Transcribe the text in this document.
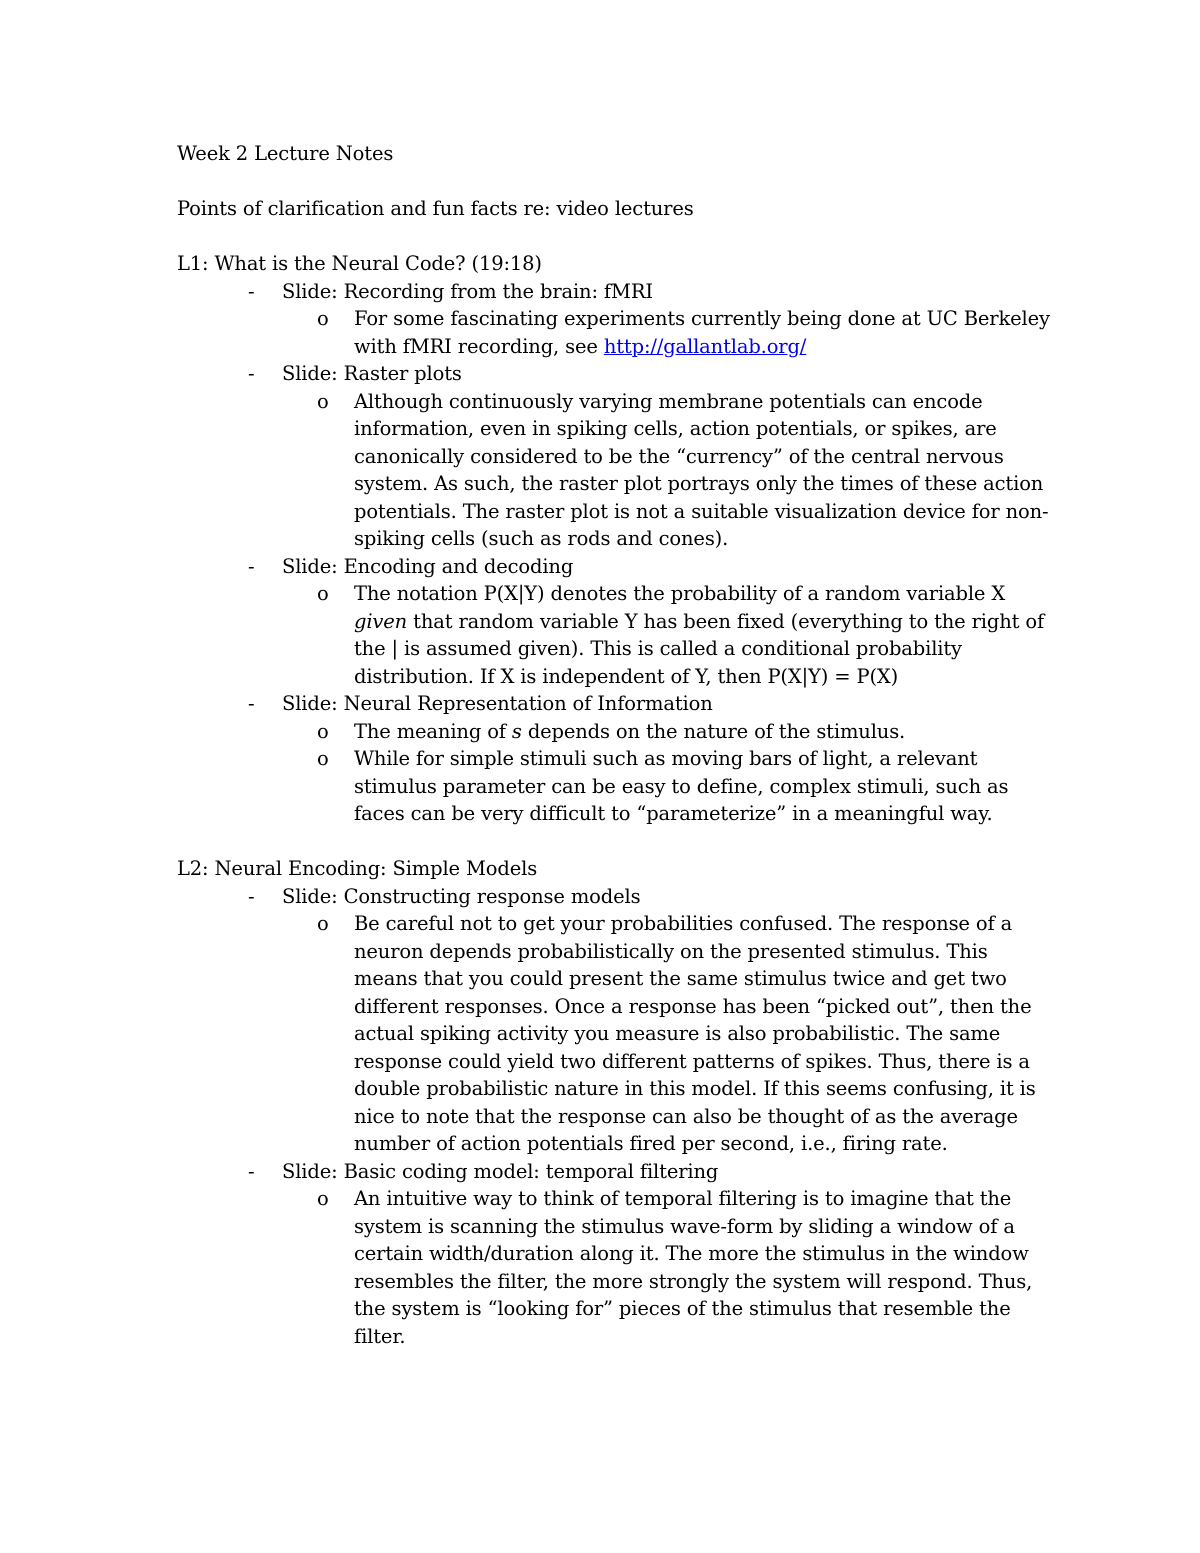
Week 2 Lecture Notes

Points of clarification and fun facts re: video lectures

L1: What is the Neural Code? (19:18)

- Slide: Recording from the brain: fMRI
o For some fascinating experiments currently being done at UC Berkeley with fMRI recording, see http://gallantlab.org/
- Slide: Raster plots
o Although continuously varying membrane potentials can encode information, even in spiking cells, action potentials, or spikes, are canonically considered to be the “currency” of the central nervous system. As such, the raster plot portrays only the times of these action potentials. The raster plot is not a suitable visualization device for non-spiking cells (such as rods and cones).
- Slide: Encoding and decoding
o The notation P(X|Y) denotes the probability of a random variable X given that random variable Y has been fixed (everything to the right of the | is assumed given). This is called a conditional probability distribution. If X is independent of Y, then P(X|Y) = P(X)
- Slide: Neural Representation of Information
o The meaning of s depends on the nature of the stimulus.
o While for simple stimuli such as moving bars of light, a relevant stimulus parameter can be easy to define, complex stimuli, such as faces can be very difficult to “parameterize” in a meaningful way.

L2: Neural Encoding: Simple Models

- Slide: Constructing response models
o Be careful not to get your probabilities confused. The response of a neuron depends probabilistically on the presented stimulus. This means that you could present the same stimulus twice and get two different responses. Once a response has been “picked out”, then the actual spiking activity you measure is also probabilistic. The same response could yield two different patterns of spikes. Thus, there is a double probabilistic nature in this model. If this seems confusing, it is nice to note that the response can also be thought of as the average number of action potentials fired per second, i.e., firing rate.
- Slide: Basic coding model: temporal filtering
o An intuitive way to think of temporal filtering is to imagine that the system is scanning the stimulus wave-form by sliding a window of a certain width/duration along it. The more the stimulus in the window resembles the filter, the more strongly the system will respond. Thus, the system is “looking for” pieces of the stimulus that resemble the filter.
